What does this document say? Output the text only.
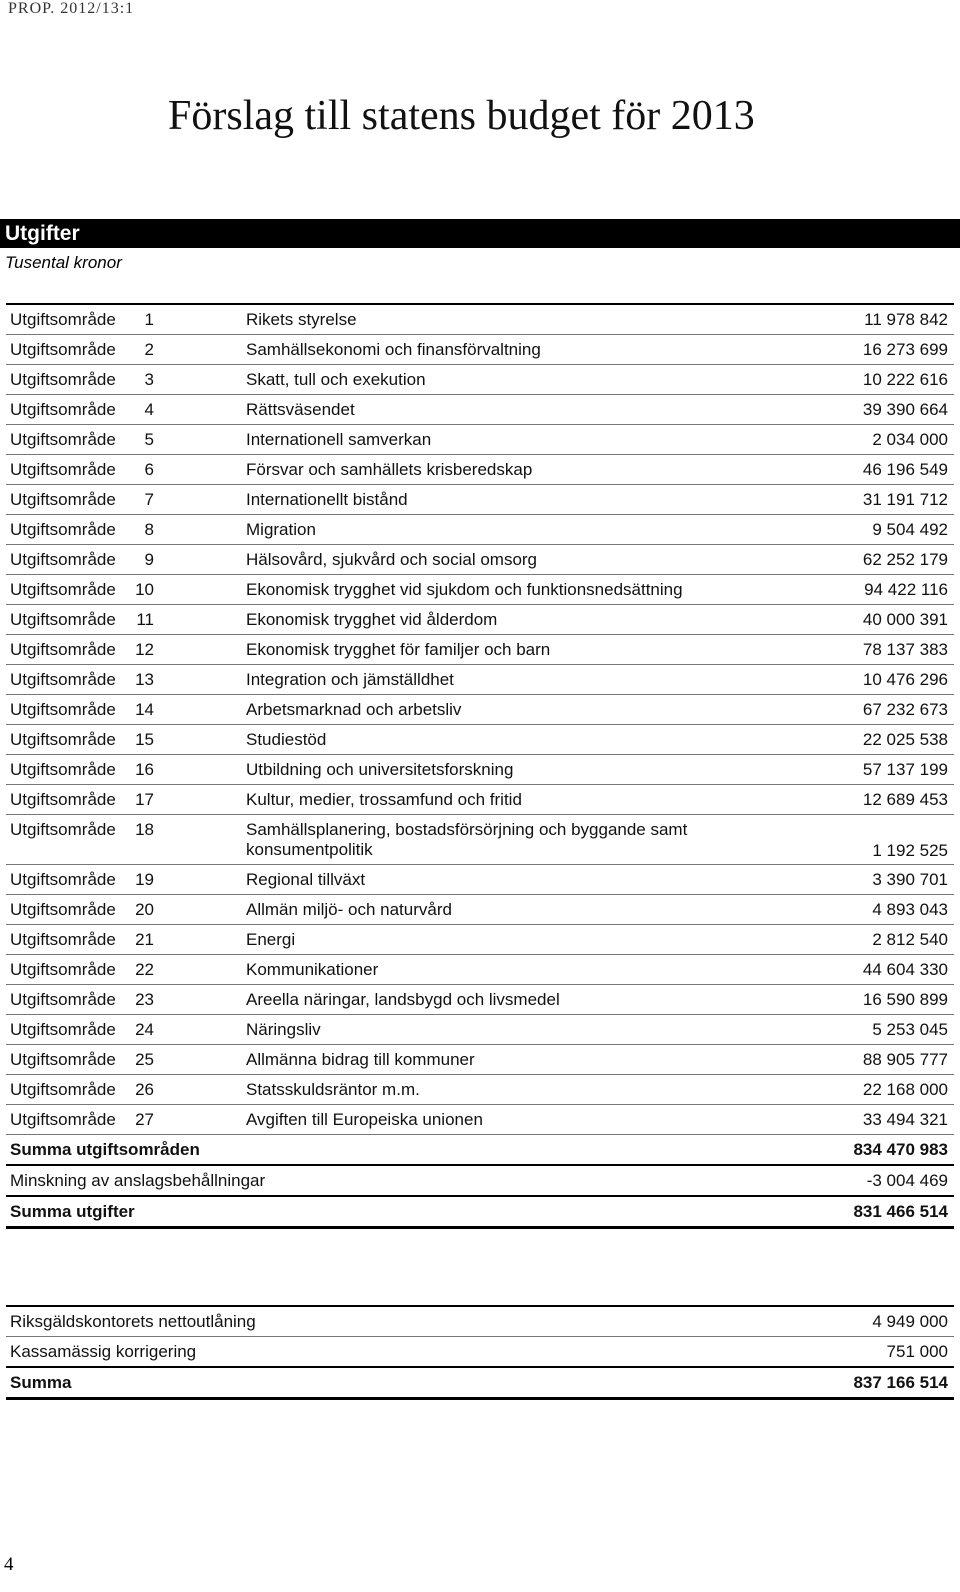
PROP. 2012/13:1
Förslag till statens budget för 2013
Utgifter
Tusental kronor
Utgiftsområde	1	Rikets styrelse	11 978 842
Utgiftsområde	2	Samhällsekonomi och finansförvaltning	16 273 699
Utgiftsområde	3	Skatt, tull och exekution	10 222 616
Utgiftsområde	4	Rättsväsendet	39 390 664
Utgiftsområde	5	Internationell samverkan	2 034 000
Utgiftsområde	6	Försvar och samhällets krisberedskap	46 196 549
Utgiftsområde	7	Internationellt bistånd	31 191 712
Utgiftsområde	8	Migration	9 504 492
Utgiftsområde	9	Hälsovård, sjukvård och social omsorg	62 252 179
Utgiftsområde 10	Ekonomisk trygghet vid sjukdom och funktionsnedsättning	94 422 116
Utgiftsområde 11	Ekonomisk trygghet vid ålderdom	40 000 391
Utgiftsområde 12	Ekonomisk trygghet för familjer och barn	78 137 383
Utgiftsområde 13	Integration och jämställdhet	10 476 296
Utgiftsområde 14	Arbetsmarknad och arbetsliv	67 232 673
Utgiftsområde 15	Studiestöd	22 025 538
Utgiftsområde 16	Utbildning och universitetsforskning	57 137 199
Utgiftsområde 17	Kultur, medier, trossamfund och fritid	12 689 453
Utgiftsområde 18	Samhällsplanering, bostadsförsörjning och byggande samt
konsumentpolitik	1 192 525
Utgiftsområde 19	Regional tillväxt	3 390 701
Utgiftsområde 20	Allmän miljö- och naturvård	4 893 043
Utgiftsområde 21	Energi	2 812 540
Utgiftsområde 22	Kommunikationer	44 604 330
Utgiftsområde 23	Areella näringar, landsbygd och livsmedel	16 590 899
Utgiftsområde 24	Näringsliv	5 253 045
Utgiftsområde 25	Allmänna bidrag till kommuner	88 905 777
Utgiftsområde 26	Statsskuldsräntor m.m.	22 168 000
Utgiftsområde 27	Avgiften till Europeiska unionen	33 494 321
Summa utgiftsområden	834 470 983
Minskning av anslagsbehållningar	-3 004 469
Summa utgifter	831 466 514
Riksgäldskontorets nettoutlåning	4 949 000
Kassamässig korrigering	751 000
Summa	837 166 514
4
